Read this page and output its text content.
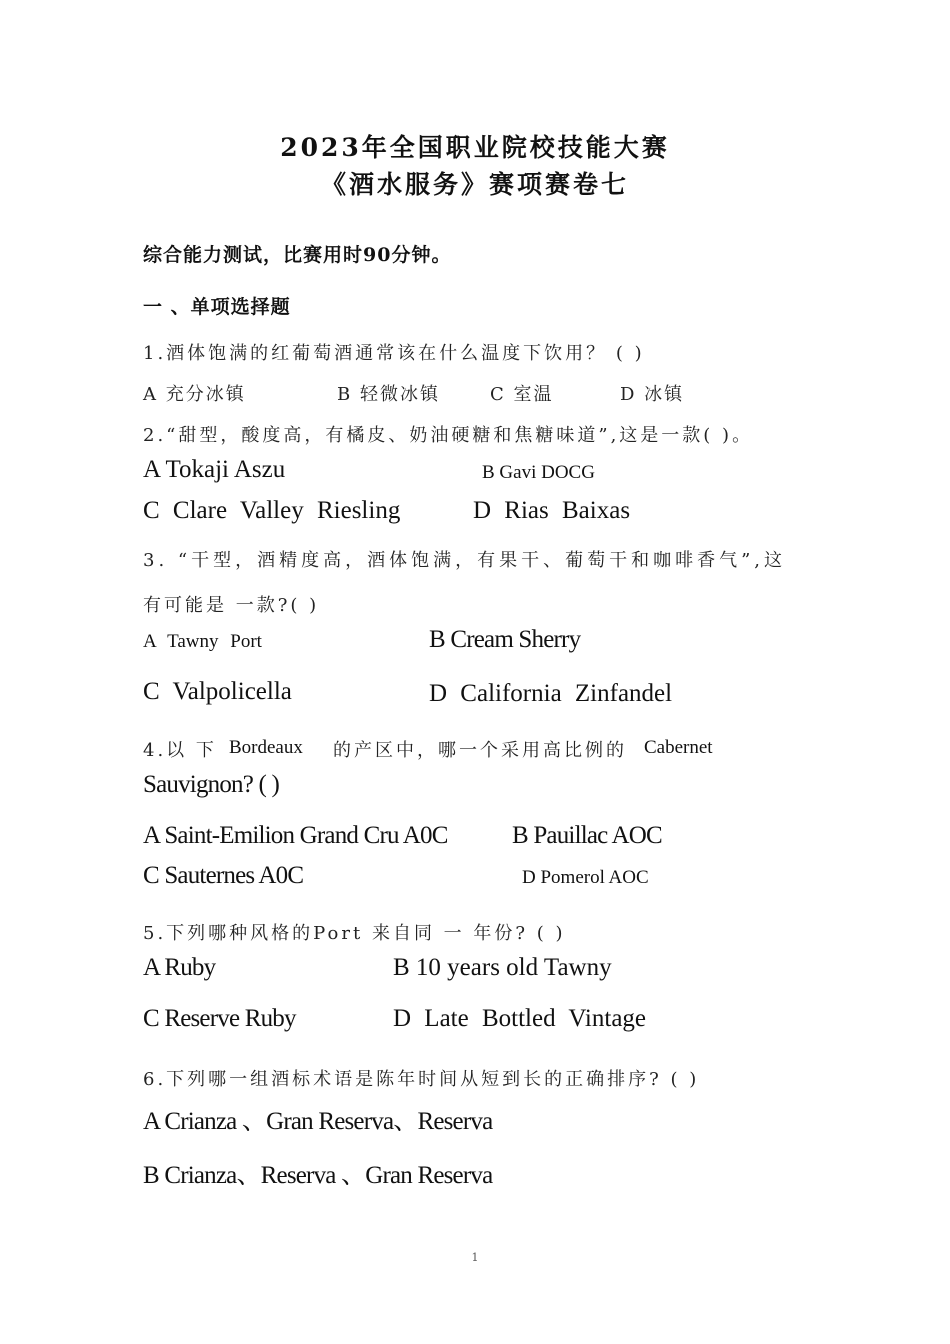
2023年全国职业院校技能大赛
《酒水服务》赛项赛卷七
综合能力测试，比赛用时90分钟。
一 、单项选择题
1.酒体饱满的红葡萄酒通常该在什么温度下饮用？ ( )
A 充分冰镇	B 轻微冰镇	C 室温	D 冰镇
2.“甜型，酸度高，有橘皮、奶油硬糖和焦糖味道”,这是一款( )。
A Tokaji Aszu	B Gavi DOCG
C Clare Valley Riesling	D Rias Baixas
3. “干型，酒精度高，酒体饱满，有果干、葡萄干和咖啡香气”,这
有可能是 一款?( )
A Tawny Port	B Cream Sherry
C Valpolicella	D California Zinfandel
4.以 下 Bordeaux 的产区中，哪一个采用高比例的 Cabernet
Sauvignon? ( )
A Saint-Emilion Grand Cru A0C	B Pauillac AOC
C Sauternes A0C	D Pomerol AOC
5.下列哪种风格的Port 来自同 一 年份? ( )
A Ruby	B 10 years old Tawny
C Reserve Ruby	D Late Bottled Vintage
6.下列哪一组酒标术语是陈年时间从短到长的正确排序? ( )
A Crianza 、Gran Reserva、Reserva
B Crianza、Reserva 、Gran Reserva
1
